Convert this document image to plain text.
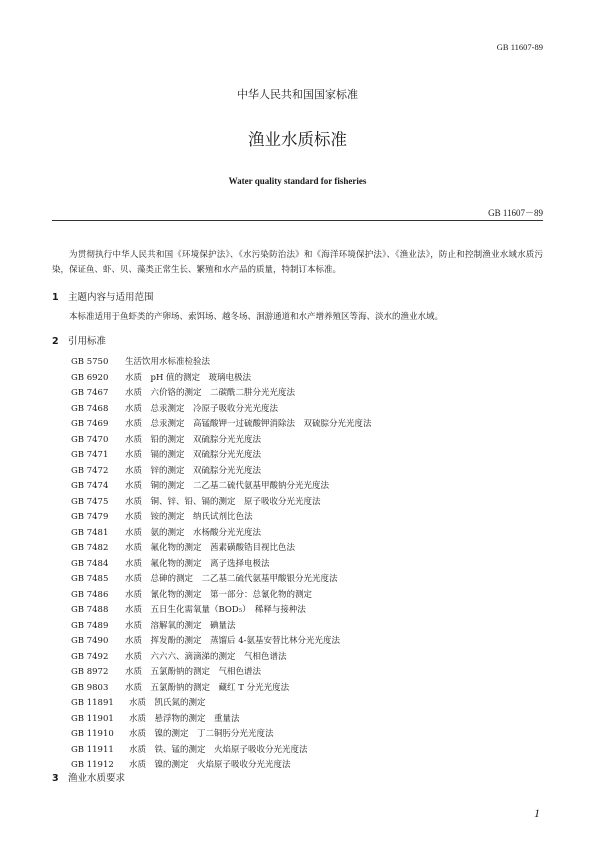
GB 11607-89
中华人民共和国国家标准
渔业水质标准
Water quality standard for fisheries
GB 11607－89
为贯彻执行中华人民共和国《环境保护法》、《水污染防治法》和《海洋环境保护法》、《渔业法》，防止和控制渔业水域水质污染，保证鱼、虾、贝、藻类正常生长、繁殖和水产品的质量，特制订本标准。
1 主题内容与适用范围
本标准适用于鱼虾类的产卵场、索饵场、越冬场、洄游通道和水产增养殖区等海、淡水的渔业水域。
2 引用标准
GB 5750 生活饮用水标准检验法
GB 6920 水质　pH 值的测定　玻璃电极法
GB 7467 水质　六价铬的测定　二碳酰二肼分光光度法
GB 7468 水质　总汞测定　冷原子吸收分光光度法
GB 7469 水质　总汞测定　高锰酸钾一过硫酸钾消除法　双硫腙分光光度法
GB 7470 水质　铅的测定　双硫腙分光光度法
GB 7471 水质　镉的测定　双硫腙分光光度法
GB 7472 水质　锌的测定　双硫腙分光光度法
GB 7474 水质　铜的测定　二乙基二硫代氨基甲酸钠分光光度法
GB 7475 水质　铜、锌、铅、镉的测定　原子吸收分光光度法
GB 7479 水质　铵的测定　纳氏试剂比色法
GB 7481 水质　氨的测定　水杨酸分光光度法
GB 7482 水质　氟化物的测定　茜素磺酸锆目视比色法
GB 7484 水质　氟化物的测定　离子选择电极法
GB 7485 水质　总砷的测定　二乙基二硫代氨基甲酸银分光光度法
GB 7486 水质　氰化物的测定　第一部分：总氰化物的测定
GB 7488 水质　五日生化需氧量（BOD₅）　稀释与接种法
GB 7489 水质　溶解氧的测定　碘量法
GB 7490 水质　挥发酚的测定　蒸馏后 4-氨基安替比林分光光度法
GB 7492 水质　六六六、滴滴涕的测定　气相色谱法
GB 8972 水质　五氯酚钠的测定　气相色谱法
GB 9803 水质　五氯酚钠的测定　藏红 T 分光光度法
GB 11891 水质　凯氏氮的测定
GB 11901 水质　悬浮物的测定　重量法
GB 11910 水质　镍的测定　丁二铜肟分光光度法
GB 11911 水质　铁、锰的测定　火焰原子吸收分光光度法
GB 11912 水质　镍的测定　火焰原子吸收分光光度法
3 渔业水质要求
1
